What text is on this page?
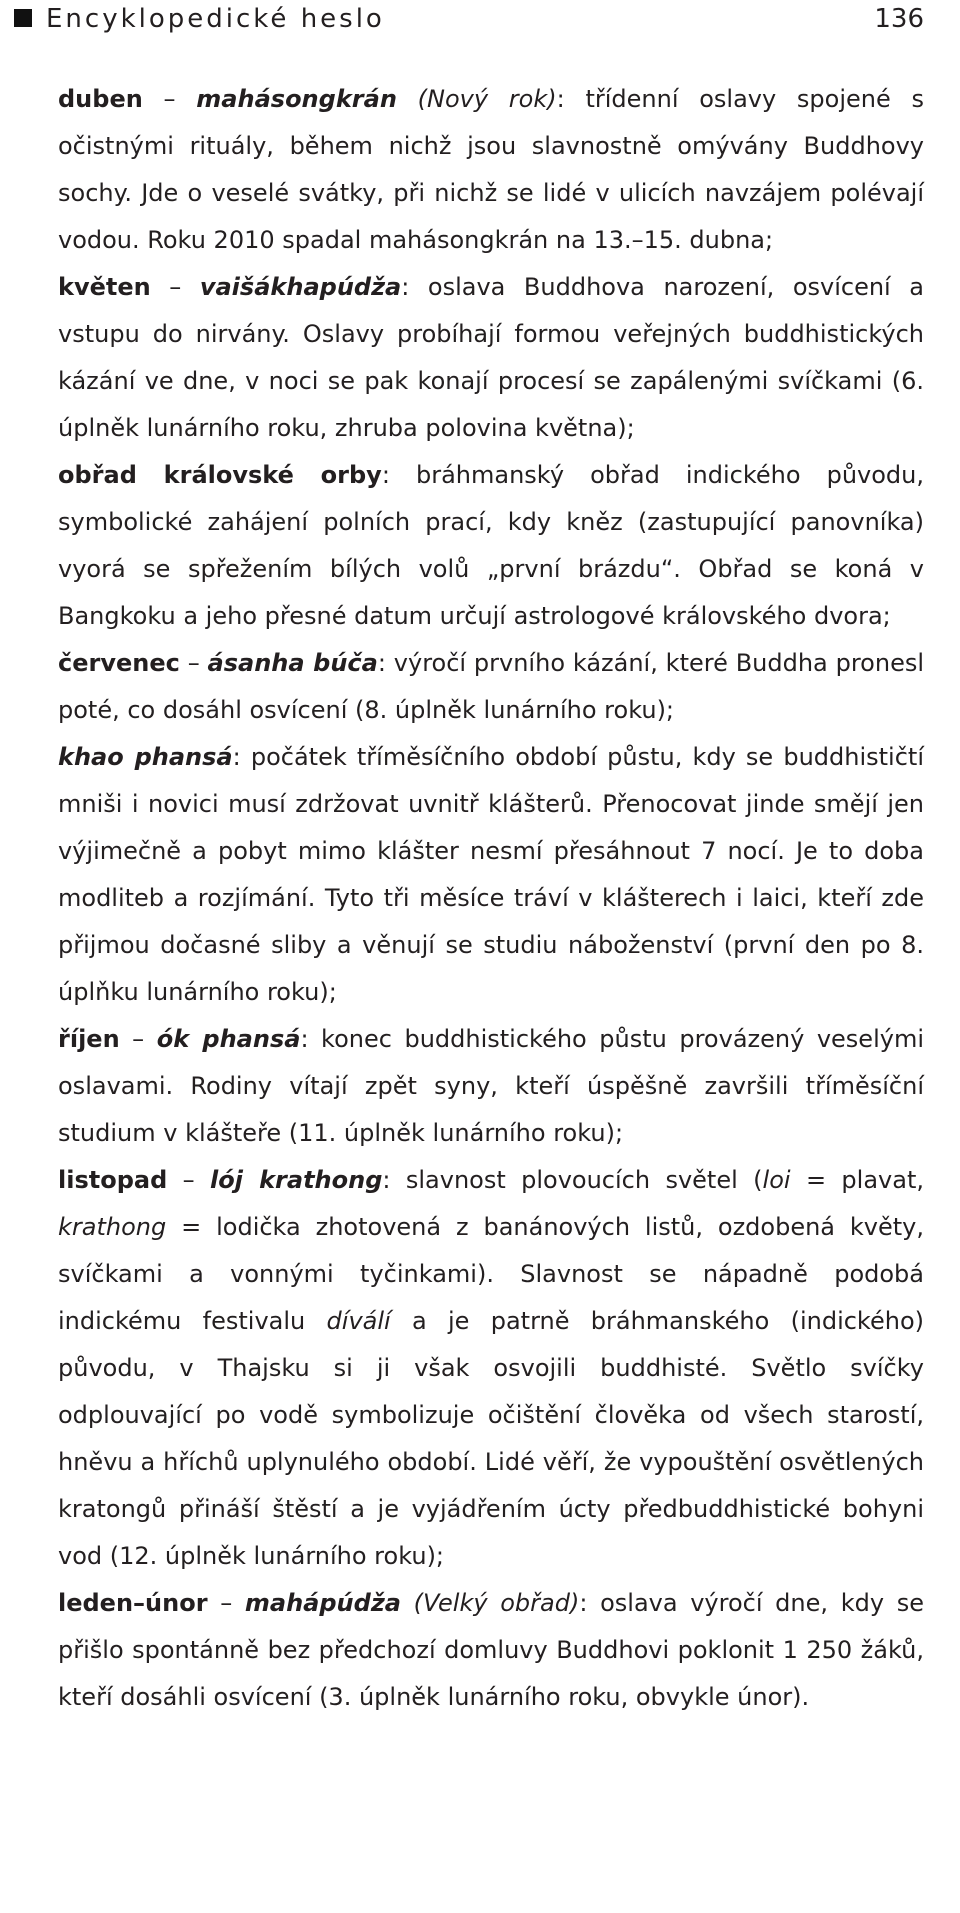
Encyklopedické heslo	136

duben – mahásongkrán (Nový rok): třídenní oslavy spojené s očistnými rituály, během nichž jsou slavnostně omývány Buddhovy sochy. Jde o veselé svátky, při nichž se lidé v ulicích navzájem polévají vodou. Roku 2010 spadal mahásongkrán na 13.–15. dubna;

květen – vaišákhapúdža: oslava Buddhova narození, osvícení a vstupu do nirvány. Oslavy probíhají formou veřejných buddhistických kázání ve dne, v noci se pak konají procesí se zapálenými svíčkami (6. úplněk lunárního roku, zhruba polovina května);

obřad královské orby: bráhmanský obřad indického původu, symbolické zahájení polních prací, kdy kněz (zastupující panovníka) vyorá se spřežením bílých volů „první brázdu“. Obřad se koná v Bangkoku a jeho přesné datum určují astrologové královského dvora;

červenec – ásanha búča: výročí prvního kázání, které Buddha pronesl poté, co dosáhl osvícení (8. úplněk lunárního roku);

khao phansá: počátek tříměsíčního období půstu, kdy se buddhističtí mniši i novici musí zdržovat uvnitř klášterů. Přenocovat jinde smějí jen výjimečně a pobyt mimo klášter nesmí přesáhnout 7 nocí. Je to doba modliteb a rozjímání. Tyto tři měsíce tráví v klášterech i laici, kteří zde přijmou dočasné sliby a věnují se studiu náboženství (první den po 8. úplňku lunárního roku);

říjen – ók phansá: konec buddhistického půstu provázený veselými oslavami. Rodiny vítají zpět syny, kteří úspěšně završili tříměsíční studium v klášteře (11. úplněk lunárního roku);

listopad – lój krathong: slavnost plovoucích světel (loi = plavat, krathong = lodička zhotovená z banánových listů, ozdobená květy, svíčkami a vonnými tyčinkami). Slavnost se nápadně podobá indickému festivalu díválí a je patrně bráhmanského (indického) původu, v Thajsku si ji však osvojili buddhisté. Světlo svíčky odplouvající po vodě symbolizuje očištění člověka od všech starostí, hněvu a hříchů uplynulého období. Lidé věří, že vypouštění osvětlených kratongů přináší štěstí a je vyjádřením úcty předbuddhistické bohyni vod (12. úplněk lunárního roku);

leden–únor – mahápúdža (Velký obřad): oslava výročí dne, kdy se přišlo spontánně bez předchozí domluvy Buddhovi poklonit 1 250 žáků, kteří dosáhli osvícení (3. úplněk lunárního roku, obvykle únor).
